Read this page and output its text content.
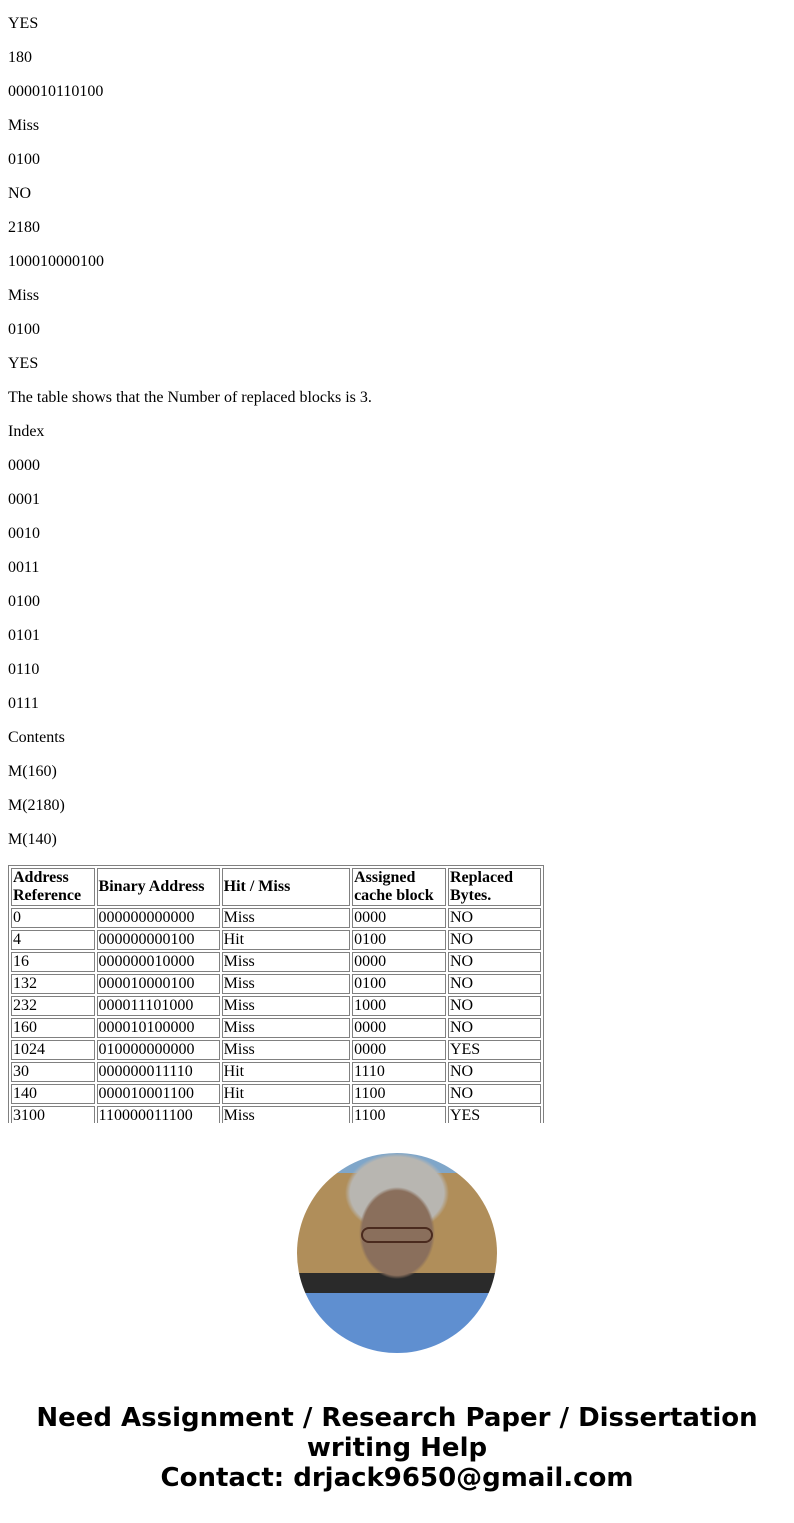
YES

180

000010110100

Miss

0100

NO

2180

100010000100

Miss

0100

YES

The table shows that the Number of replaced blocks is 3.

Index

0000

0001

0010

0011

0100

0101

0110

0111

Contents

M(160)

M(2180)

M(140)

Address Reference	Binary Address	Hit / Miss	Assigned cache block	Replaced Bytes.
0	000000000000	Miss	0000	NO
4	000000000100	Hit	0100	NO
16	000000010000	Miss	0000	NO
132	000010000100	Miss	0100	NO
232	000011101000	Miss	1000	NO
160	000010100000	Miss	0000	NO
1024	010000000000	Miss	0000	YES
30	000000011110	Hit	1110	NO
140	000010001100	Hit	1100	NO
3100	110000011100	Miss	1100	YES
Need Assignment / Research Paper / Dissertation
writing Help
Contact: drjack9650@gmail.com
